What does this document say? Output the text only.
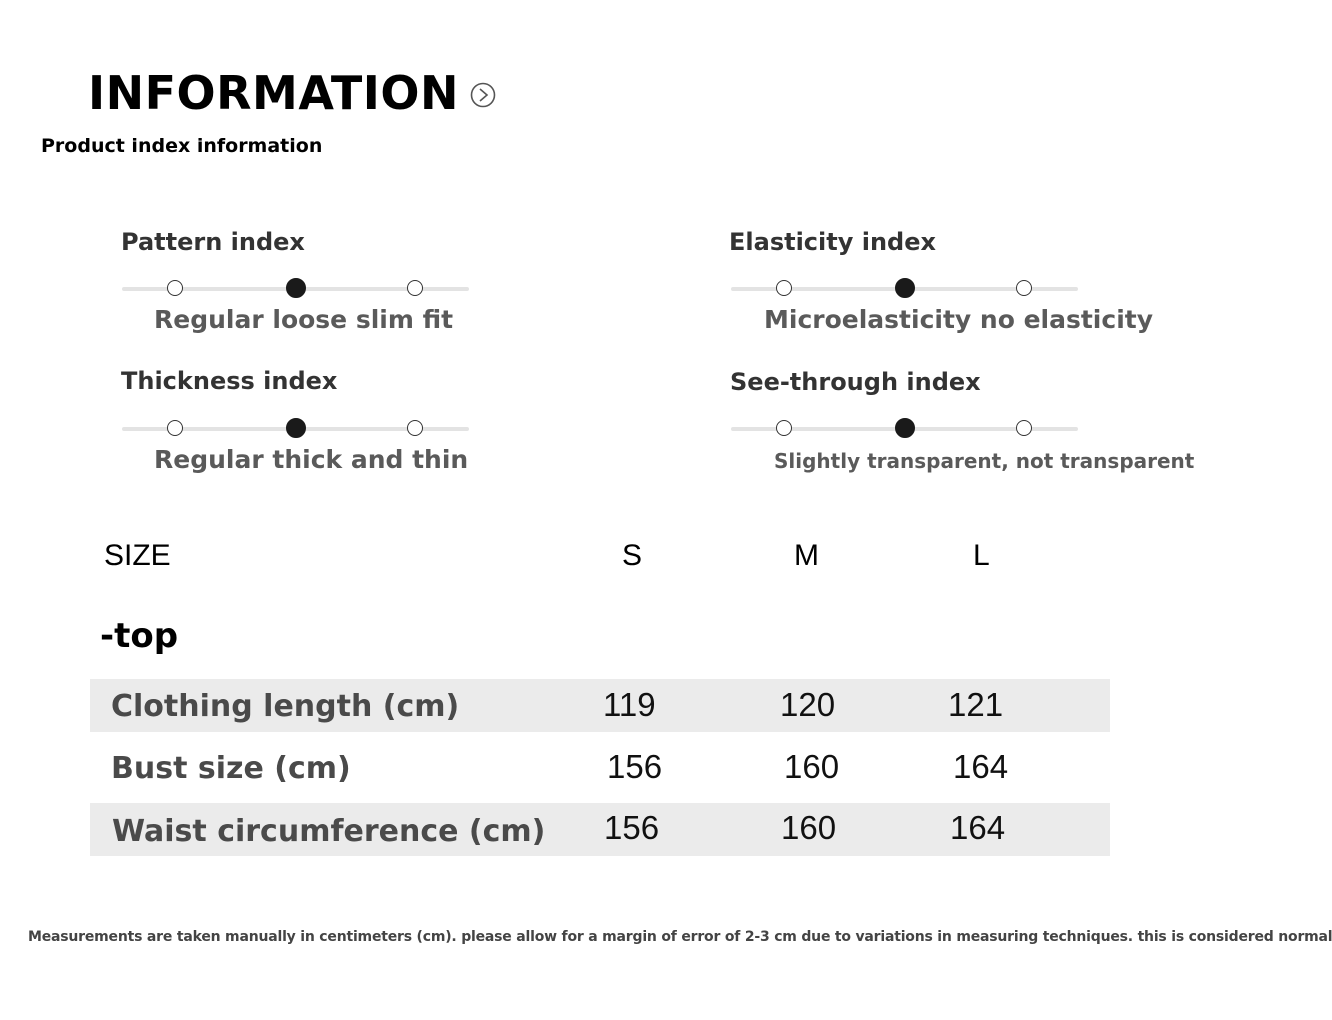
INFORMATION
Product index information
Pattern index
Regular loose slim fit
Elasticity index
Microelasticity no elasticity
Thickness index
Regular thick and thin
See-through index
Slightly transparent, not transparent
SIZE	S	M	L
-top
Clothing length (cm)	119	120	121
Bust size (cm)	156	160	164
Waist circumference (cm) 156	160	164
Measurements are taken manually in centimeters (cm). please allow for a margin of error of 2-3 cm due to variations in measuring techniques. this is considered normal
